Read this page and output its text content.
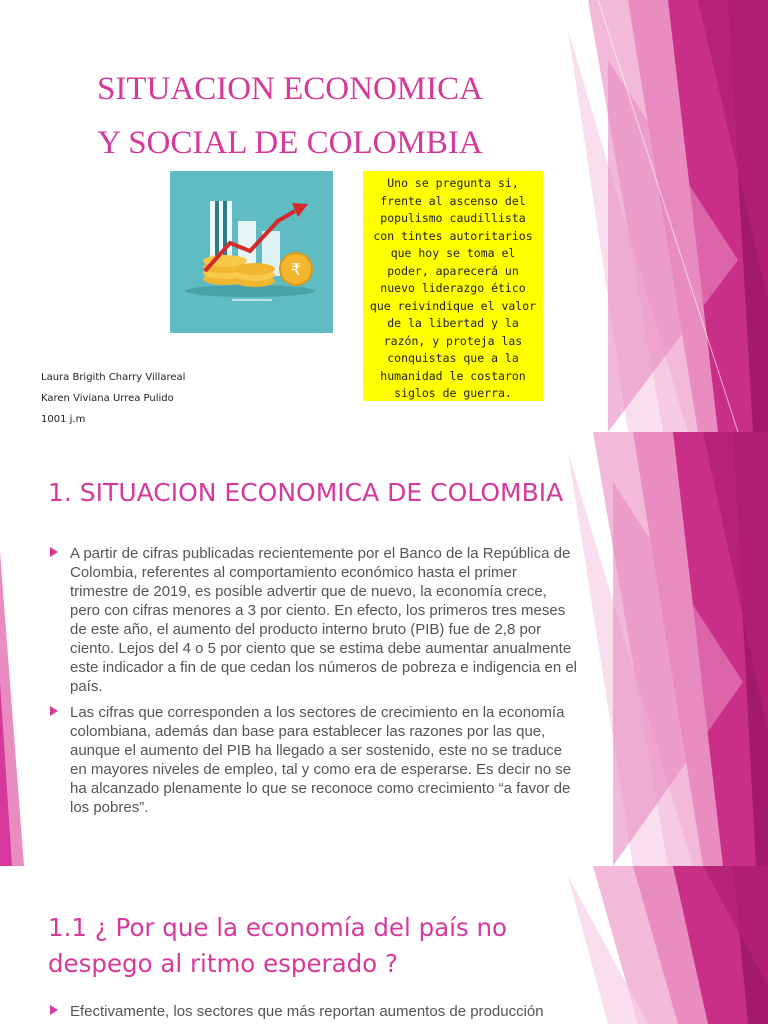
SITUACION ECONOMICA Y SOCIAL DE COLOMBIA
₹
Uno se pregunta si, frente al ascenso del populismo caudillista con tintes autoritarios que hoy se toma el poder, aparecerá un nuevo liderazgo ético que reivindique el valor de la libertad y la razón, y proteja las conquistas que a la humanidad le costaron siglos de guerra.
Laura Brigith Charry Villareal
Karen Viviana Urrea Pulido
1001 j.m
1. SITUACION ECONOMICA DE COLOMBIA
A partir de cifras publicadas recientemente por el Banco de la República de Colombia, referentes al comportamiento económico hasta el primer trimestre de 2019, es posible advertir que de nuevo, la economía crece, pero con cifras menores a 3 por ciento. En efecto, los primeros tres meses de este año, el aumento del producto interno bruto (PIB) fue de 2,8 por ciento. Lejos del 4 o 5 por ciento que se estima debe aumentar anualmente este indicador a fin de que cedan los números de pobreza e indigencia en el país.
Las cifras que corresponden a los sectores de crecimiento en la economía colombiana, además dan base para establecer las razones por las que, aunque el aumento del PIB ha llegado a ser sostenido, este no se traduce en mayores niveles de empleo, tal y como era de esperarse. Es decir no se ha alcanzado plenamente lo que se reconoce como crecimiento “a favor de los pobres”.
1.1 ¿ Por que la economía del país no despego al ritmo esperado ?
Efectivamente, los sectores que más reportan aumentos de producción
